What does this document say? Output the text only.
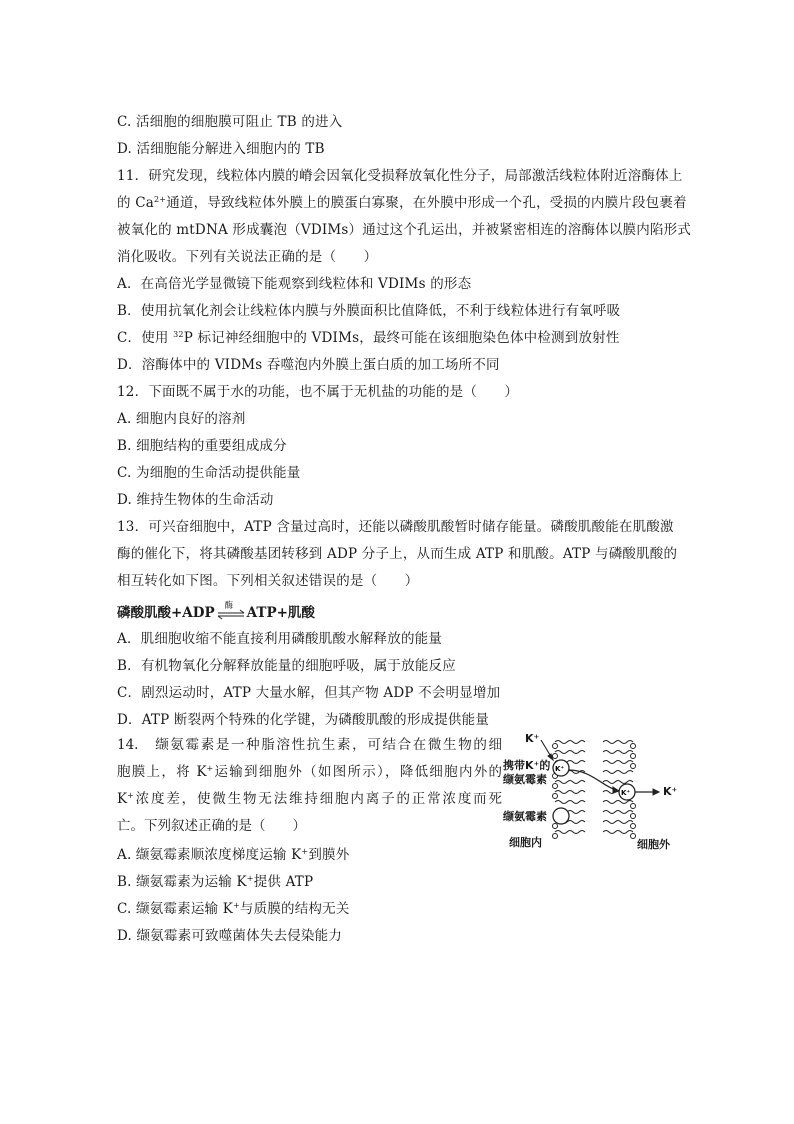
C. 活细胞的细胞膜可阻止 TB 的进入
D. 活细胞能分解进入细胞内的 TB
11．研究发现，线粒体内膜的嵴会因氧化受损释放氧化性分子，局部激活线粒体附近溶酶体上
的 $Ca^{2+}$通道，导致线粒体外膜上的膜蛋白寡聚，在外膜中形成一个孔，受损的内膜片段包裹着
被氧化的 mtDNA 形成囊泡（VDIMs）通过这个孔运出，并被紧密相连的溶酶体以膜内陷形式
消化吸收。下列有关说法正确的是（　　）
A．在高倍光学显微镜下能观察到线粒体和 VDIMs 的形态
B．使用抗氧化剂会让线粒体内膜与外膜面积比值降低，不利于线粒体进行有氧呼吸
C．使用 $^{32}$P 标记神经细胞中的 VDIMs，最终可能在该细胞染色体中检测到放射性
D．溶酶体中的 VIDMs 吞噬泡内外膜上蛋白质的加工场所不同
12．下面既不属于水的功能，也不属于无机盐的功能的是（　　）
A. 细胞内良好的溶剂
B. 细胞结构的重要组成成分
C. 为细胞的生命活动提供能量
D. 维持生物体的生命活动
13．可兴奋细胞中，ATP 含量过高时，还能以磷酸肌酸暂时储存能量。磷酸肌酸能在肌酸激
酶的催化下，将其磷酸基团转移到 ADP 分子上，从而生成 ATP 和肌酸。ATP 与磷酸肌酸的
相互转化如下图。下列相关叙述错误的是（　　）
磷酸肌酸+ADP 酶 ATP+肌酸
A．肌细胞收缩不能直接利用磷酸肌酸水解释放的能量
B．有机物氧化分解释放能量的细胞呼吸，属于放能反应
C．剧烈运动时，ATP 大量水解，但其产物 ADP 不会明显增加
D．ATP 断裂两个特殊的化学键，为磷酸肌酸的形成提供能量
14.　缬氨霉素是一种脂溶性抗生素，可结合在微生物的细
胞膜上，将 K+运输到细胞外（如图所示），降低细胞内外的
K+浓度差，使微生物无法维持细胞内离子的正常浓度而死
亡。下列叙述正确的是（　　）
K⁺
K⁺
K⁺
携带K⁺的
缬氨霉素
缬氨霉素
细胞内	细胞外
K⁺
A. 缬氨霉素顺浓度梯度运输 K+到膜外
B. 缬氨霉素为运输 K+提供 ATP
C. 缬氨霉素运输 K+与质膜的结构无关
D. 缬氨霉素可致噬菌体失去侵染能力
